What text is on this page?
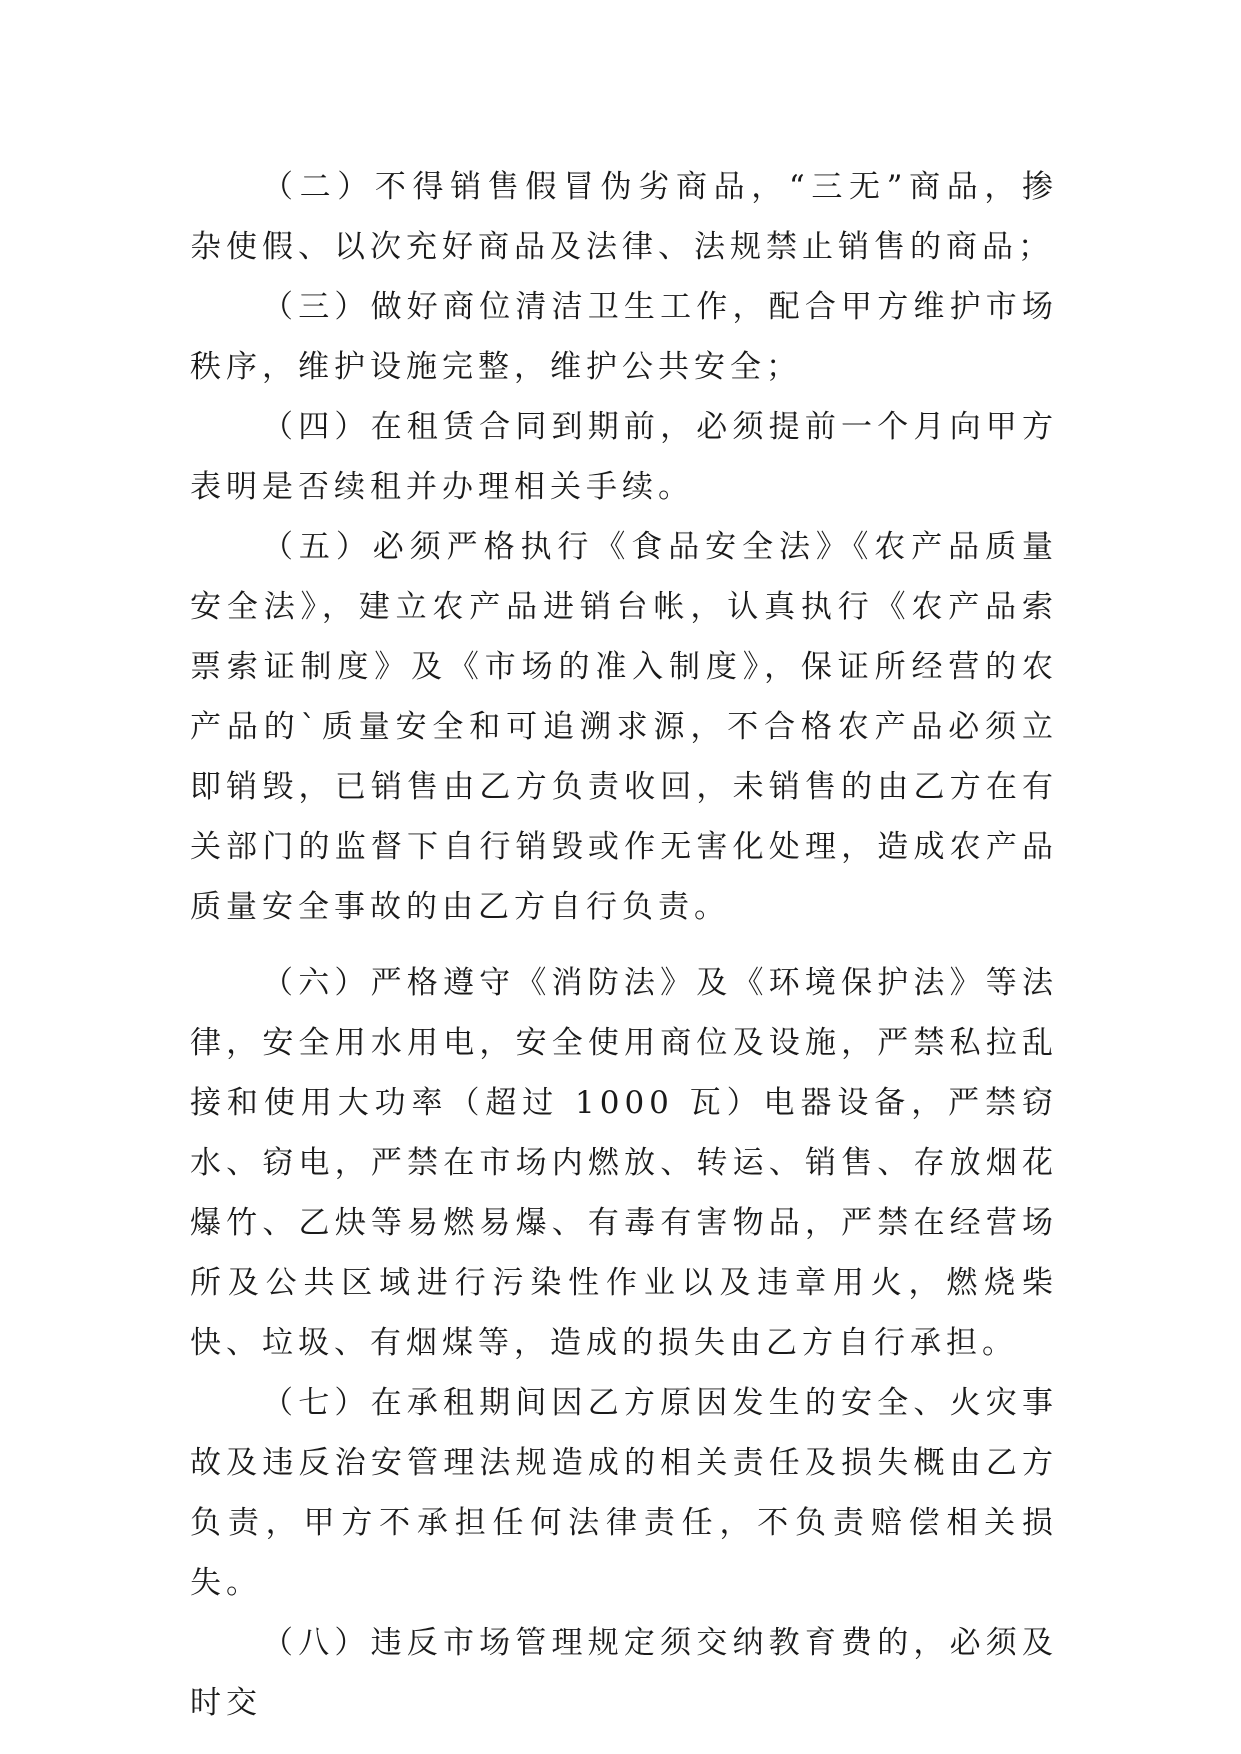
（二）不得销售假冒伪劣商品，“三无”商品，掺杂使假、以次充好商品及法律、法规禁止销售的商品；

（三）做好商位清洁卫生工作，配合甲方维护市场秩序，维护设施完整，维护公共安全；

（四）在租赁合同到期前，必须提前一个月向甲方表明是否续租并办理相关手续。

（五）必须严格执行《食品安全法》《农产品质量安全法》，建立农产品进销台帐，认真执行《农产品索票索证制度》及《市场的准入制度》，保证所经营的农产品的`质量安全和可追溯求源，不合格农产品必须立即销毁，已销售由乙方负责收回，未销售的由乙方在有关部门的监督下自行销毁或作无害化处理，造成农产品质量安全事故的由乙方自行负责。

（六）严格遵守《消防法》及《环境保护法》等法律，安全用水用电，安全使用商位及设施，严禁私拉乱接和使用大功率（超过 1000 瓦）电器设备，严禁窃水、窃电，严禁在市场内燃放、转运、销售、存放烟花爆竹、乙炔等易燃易爆、有毒有害物品，严禁在经营场所及公共区域进行污染性作业以及违章用火，燃烧柴快、垃圾、有烟煤等，造成的损失由乙方自行承担。

（七）在承租期间因乙方原因发生的安全、火灾事故及违反治安管理法规造成的相关责任及损失概由乙方负责，甲方不承担任何法律责任，不负责赔偿相关损失。

（八）违反市场管理规定须交纳教育费的，必须及时交
